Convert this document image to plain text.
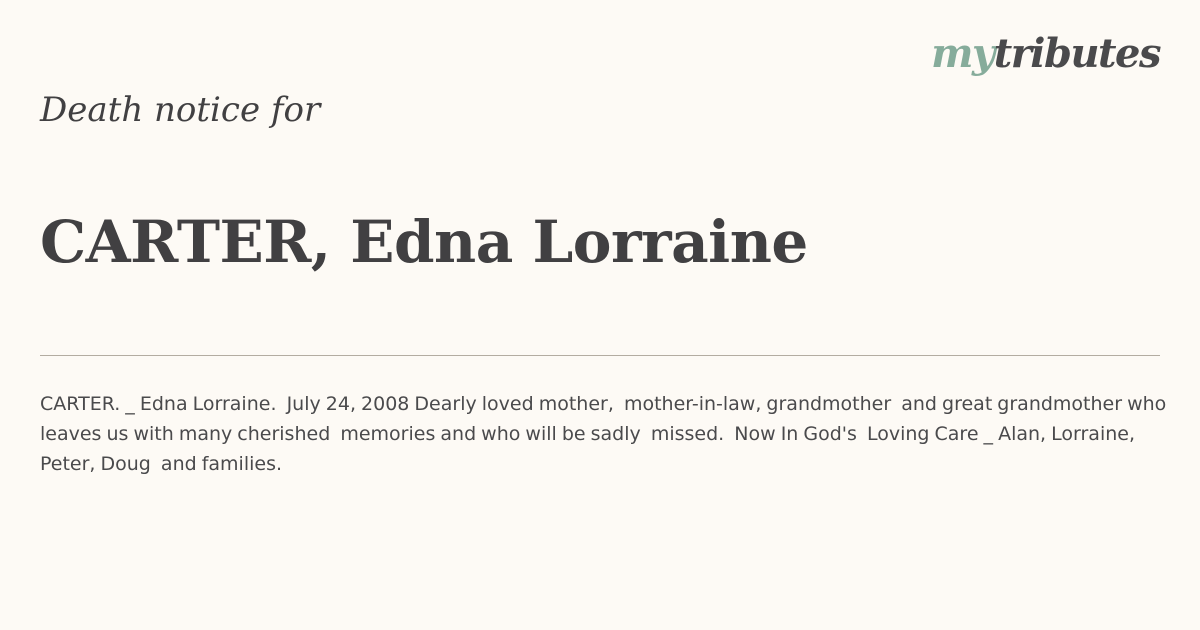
mytributes
Death notice for
CARTER, Edna Lorraine

CARTER. _ Edna Lorraine.  July 24, 2008 Dearly loved mother,  mother-in-law, grandmother  and great grandmother who  leaves us with many cherished  memories and who will be sadly  missed.  Now In God's  Loving Care _ Alan, Lorraine, Peter, Doug  and families.
